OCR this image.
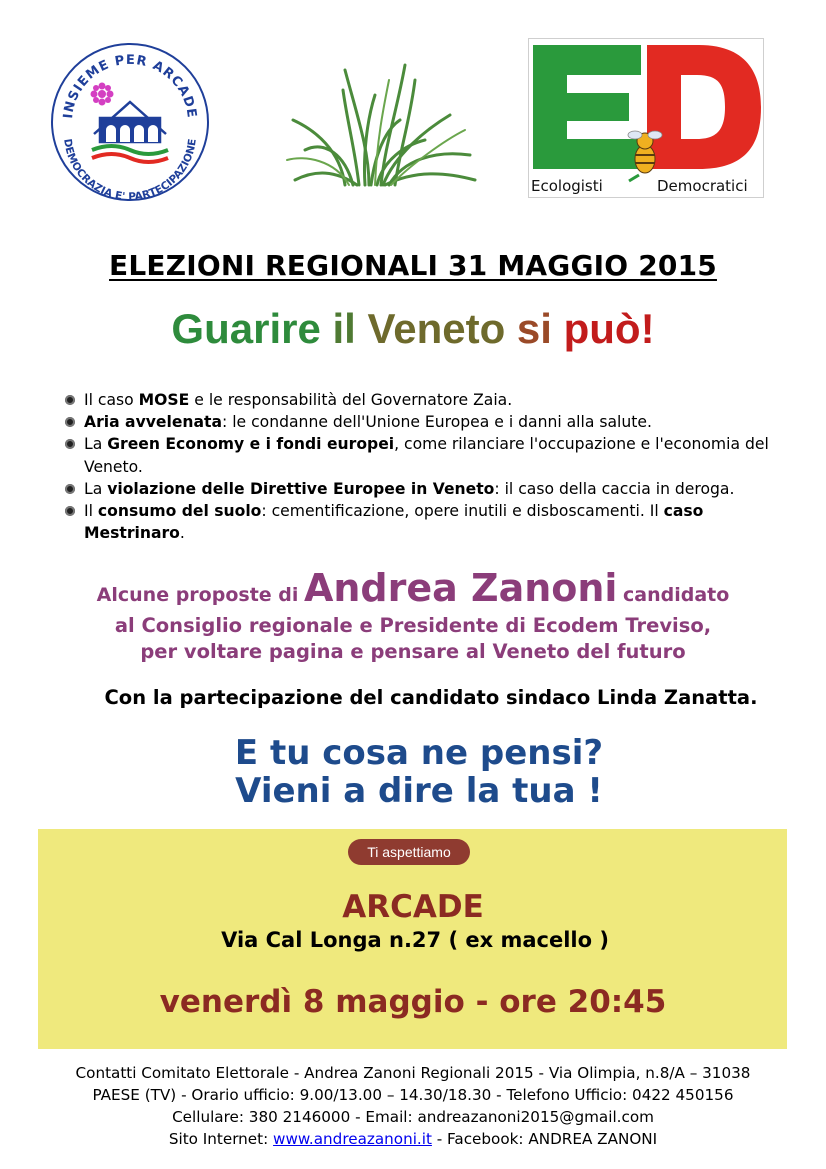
INSIEME PER ARCADE
DEMOCRAZIA E' PARTECIPAZIONE
Ecologisti	Democratici
ELEZIONI REGIONALI 31 MAGGIO 2015
Guarire il Veneto si può!
Il caso MOSE e le responsabilità del Governatore Zaia.
Aria avvelenata: le condanne dell'Unione Europea e i danni alla salute.
La Green Economy e i fondi europei, come rilanciare l'occupazione e l'economia del Veneto.
La violazione delle Direttive Europee in Veneto: il caso della caccia in deroga.
Il consumo del suolo: cementificazione, opere inutili e disboscamenti. Il caso Mestrinaro.
Alcune proposte di Andrea Zanoni candidato
al Consiglio regionale e Presidente di Ecodem Treviso,
per voltare pagina e pensare al Veneto del futuro
Con la partecipazione del candidato sindaco Linda Zanatta.
E tu cosa ne pensi?
Vieni a dire la tua !
Ti aspettiamo
ARCADE
Via Cal Longa n.27 ( ex macello )
venerdì 8 maggio - ore 20:45
Contatti Comitato Elettorale - Andrea Zanoni Regionali 2015 - Via Olimpia, n.8/A – 31038
PAESE (TV) - Orario ufficio: 9.00/13.00 – 14.30/18.30 - Telefono Ufficio: 0422 450156
Cellulare: 380 2146000 - Email: andreazanoni2015@gmail.com
Sito Internet: www.andreazanoni.it - Facebook: ANDREA ZANONI
